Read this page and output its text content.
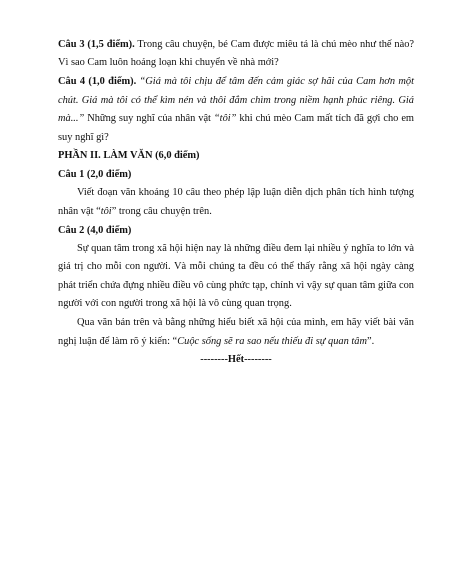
Câu 3 (1,5 điểm). Trong câu chuyện, bé Cam được miêu tả là chú mèo như thế nào? Vì sao Cam luôn hoảng loạn khi chuyển về nhà mới?

Câu 4 (1,0 điểm). “Giá mà tôi chịu để tâm đến cảm giác sợ hãi của Cam hơn một chút. Giá mà tôi có thể kìm nén và thôi đắm chìm trong niềm hạnh phúc riêng. Giá mà...” Những suy nghĩ của nhân vật “tôi” khi chú mèo Cam mất tích đã gợi cho em suy nghĩ gì?

PHẦN II. LÀM VĂN (6,0 điểm)

Câu 1 (2,0 điểm)

Viết đoạn văn khoảng 10 câu theo phép lập luận diễn dịch phân tích hình tượng nhân vật “tôi” trong câu chuyện trên.

Câu 2 (4,0 điểm)

Sự quan tâm trong xã hội hiện nay là những điều đem lại nhiều ý nghĩa to lớn và giá trị cho mỗi con người. Và mỗi chúng ta đều có thể thấy rằng xã hội ngày càng phát triển chứa đựng nhiều điều vô cùng phức tạp, chính vì vậy sự quan tâm giữa con người với con người trong xã hội là vô cùng quan trọng.

Qua văn bản trên và bằng những hiểu biết xã hội của mình, em hãy viết bài văn nghị luận để làm rõ ý kiến: “Cuộc sống sẽ ra sao nếu thiếu đi sự quan tâm”.

--------Hết--------
